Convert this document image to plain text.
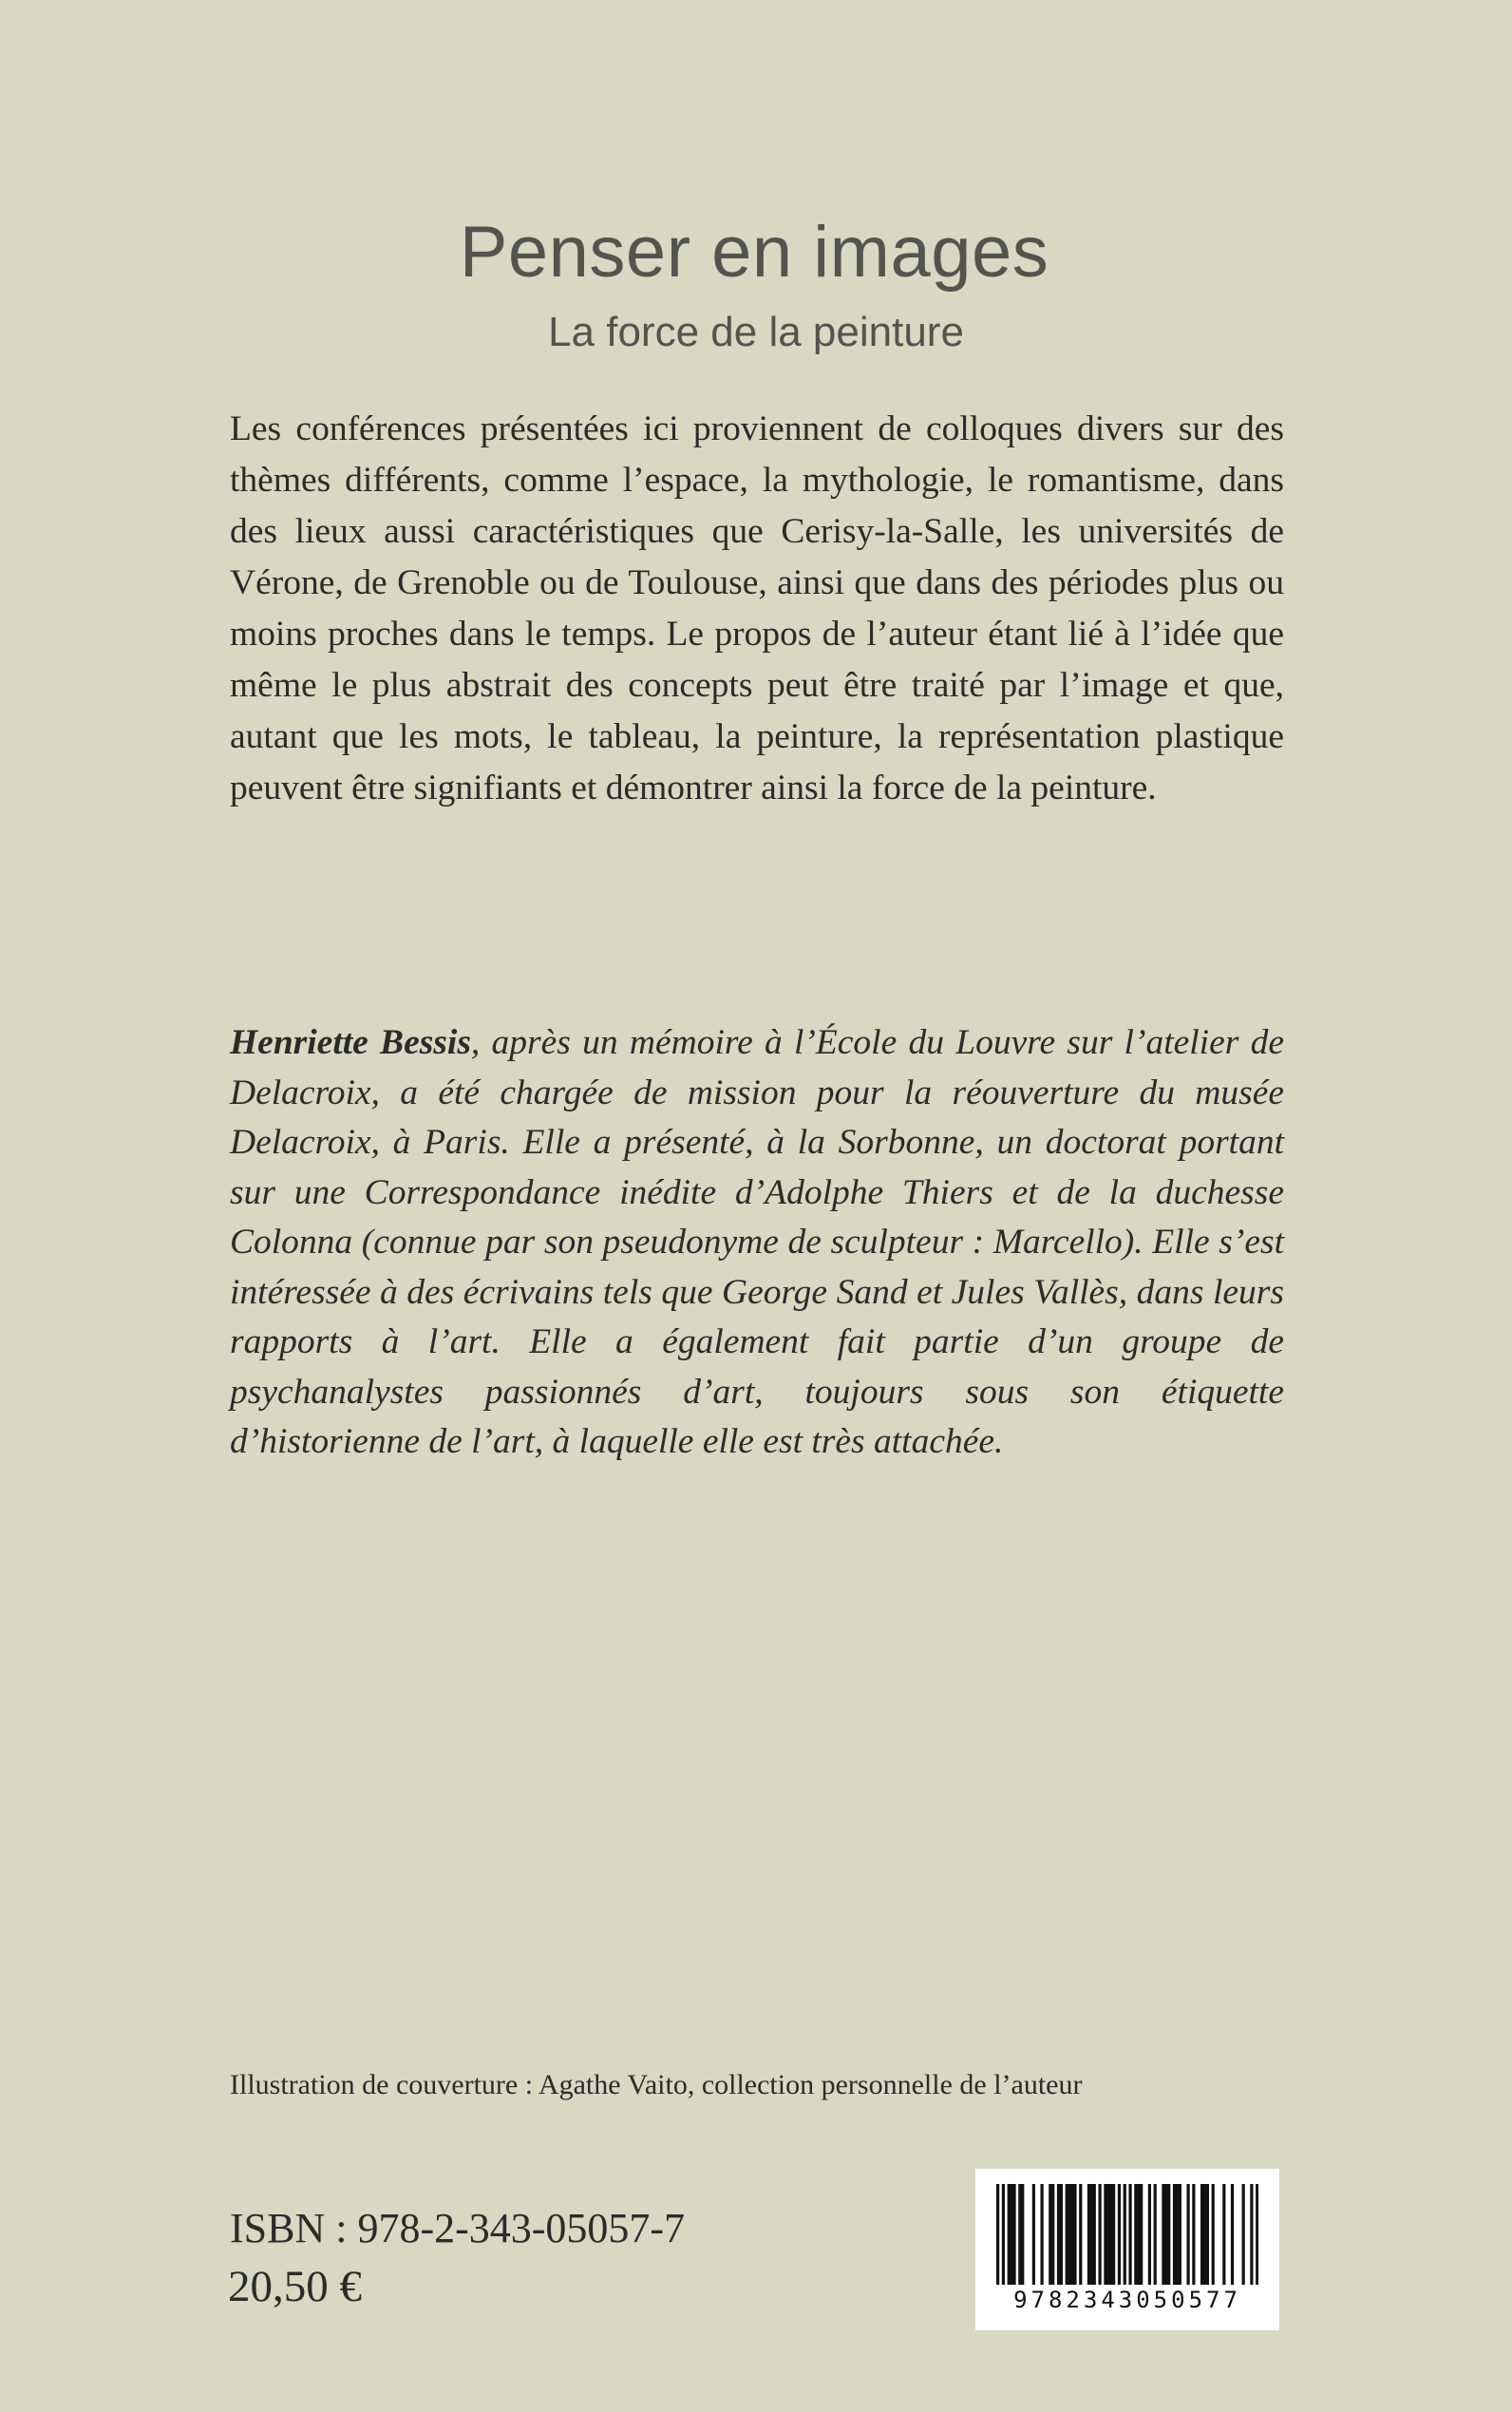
Penser en images
La force de la peinture

Les conférences présentées ici proviennent de colloques divers sur des thèmes différents, comme l’espace, la mythologie, le romantisme, dans des lieux aussi caractéristiques que Cerisy-la-Salle, les universités de Vérone, de Grenoble ou de Toulouse, ainsi que dans des périodes plus ou moins proches dans le temps. Le propos de l’auteur étant lié à l’idée que même le plus abstrait des concepts peut être traité par l’image et que, autant que les mots, le tableau, la peinture, la représentation plastique peuvent être signifiants et démontrer ainsi la force de la peinture.

Henriette Bessis, après un mémoire à l’École du Louvre sur l’atelier de Delacroix, a été chargée de mission pour la réouverture du musée Delacroix, à Paris. Elle a présenté, à la Sorbonne, un doctorat portant sur une Correspondance inédite d’Adolphe Thiers et de la duchesse Colonna (connue par son pseudonyme de sculpteur : Marcello). Elle s’est intéressée à des écrivains tels que George Sand et Jules Vallès, dans leurs rapports à l’art. Elle a également fait partie d’un groupe de psychanalystes passionnés d’art, toujours sous son étiquette d’historienne de l’art, à laquelle elle est très attachée.

Illustration de couverture : Agathe Vaito, collection personnelle de l’auteur

9782343050577

ISBN : 978-2-343-05057-7

20,50 €
